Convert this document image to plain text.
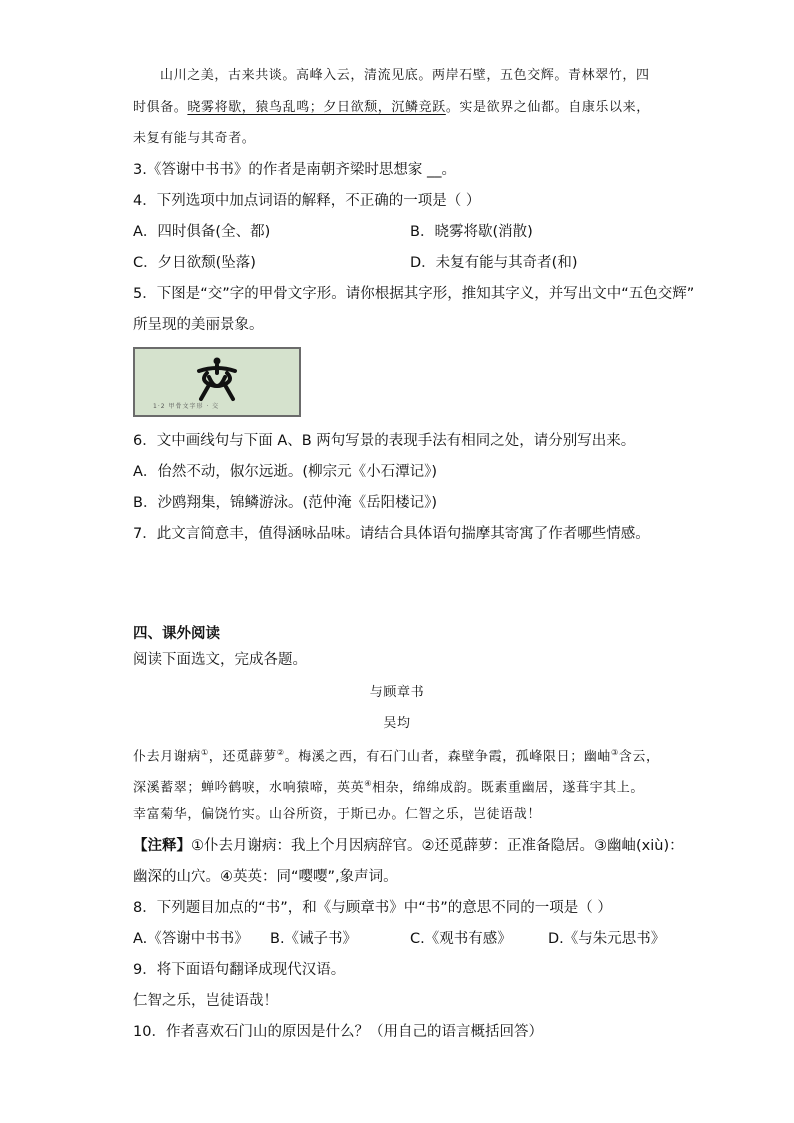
山川之美，古来共谈。高峰入云，清流见底。两岸石壁，五色交辉。青林翠竹，四
时俱备。晓雾将歇，猿鸟乱鸣；夕日欲颓，沉鳞竞跃。实是欲界之仙都。自康乐以来，
未复有能与其奇者。
3.《答谢中书书》的作者是南朝齐梁时思想家 __。
4．下列选项中加点词语的解释，不正确的一项是（ ）
A．四时俱备(全、都)	B．晓雾将歇(消散)
C．夕日欲颓(坠落)	D．未复有能与其奇者(和)
5．下图是“交”字的甲骨文字形。请你根据其字形，推知其字义，并写出文中“五色交辉”
所呈现的美丽景象。
1·2 甲骨文字形 · 交
6．文中画线句与下面 A、B 两句写景的表现手法有相同之处，请分别写出来。
A．佁然不动，俶尔远逝。(柳宗元《小石潭记》)
B．沙鸥翔集，锦鳞游泳。(范仲淹《岳阳楼记》)
7．此文言简意丰，值得涵咏品味。请结合具体语句揣摩其寄寓了作者哪些情感。
四、课外阅读
阅读下面选文，完成各题。
与顾章书
吴均
仆去月谢病①，还觅薜萝②。梅溪之西，有石门山者，森壁争霞，孤峰限日；幽岫③含云，
深溪蓄翠；蝉吟鹤唳，水响猿啼，英英④相杂，绵绵成韵。既素重幽居，遂葺宇其上。
幸富菊华，偏饶竹实。山谷所资，于斯已办。仁智之乐，岂徒语哉！
【注释】①仆去月谢病：我上个月因病辞官。②还觅薜萝：正准备隐居。③幽岫(xiù)：
幽深的山穴。④英英：同“嘤嘤”,象声词。
8．下列题目加点的“书”，和《与顾章书》中“书”的意思不同的一项是（ ）
A.《答谢中书书》 B.《诫子书》	C.《观书有感》	D.《与朱元思书》
9．将下面语句翻译成现代汉语。
仁智之乐，岂徒语哉！
10．作者喜欢石门山的原因是什么？（用自己的语言概括回答）
